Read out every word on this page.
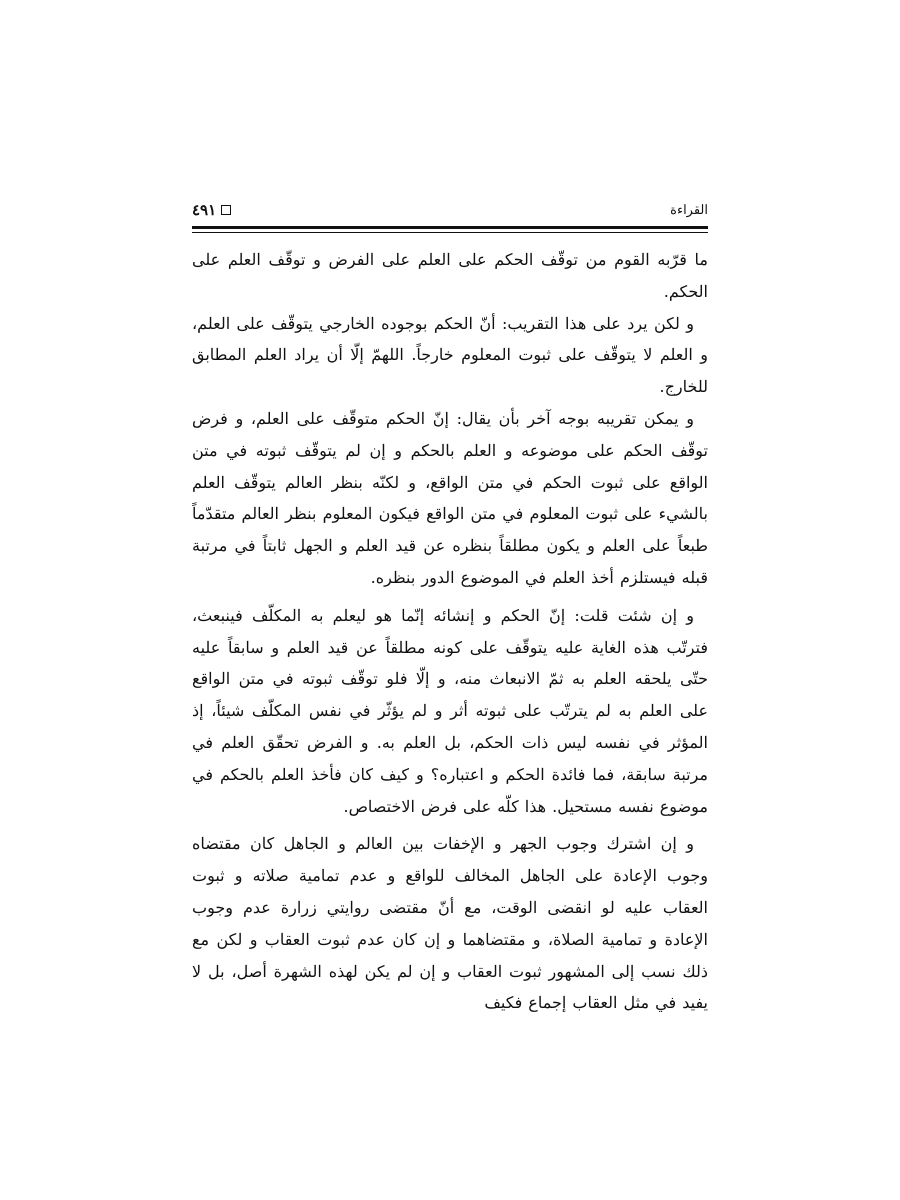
٤٩١	القراءة

ما قرّبه القوم من توقّف الحكم على العلم على الفرض و توقّف العلم على الحكم.

و لكن يرد على هذا التقريب: أنّ الحكم بوجوده الخارجي يتوقّف على العلم، و العلم لا يتوقّف على ثبوت المعلوم خارجاً. اللهمّ إلّا أن يراد العلم المطابق للخارج.

و يمكن تقريبه بوجه آخر بأن يقال: إنّ الحكم متوقّف على العلم، و فرض توقّف الحكم على موضوعه و العلم بالحكم و إن لم يتوقّف ثبوته في متن الواقع على ثبوت الحكم في متن الواقع، و لكنّه بنظر العالم يتوقّف العلم بالشيء على ثبوت المعلوم في متن الواقع فيكون المعلوم بنظر العالم متقدّماً طبعاً على العلم و يكون مطلقاً بنظره عن قيد العلم و الجهل ثابتاً في مرتبة قبله فيستلزم أخذ العلم في الموضوع الدور بنظره.

و إن شئت قلت: إنّ الحكم و إنشائه إنّما هو ليعلم به المكلّف فينبعث، فترتّب هذه الغاية عليه يتوقّف على كونه مطلقاً عن قيد العلم و سابقاً عليه حتّى يلحقه العلم به ثمّ الانبعاث منه، و إلّا فلو توقّف ثبوته في متن الواقع على العلم به لم يترتّب على ثبوته أثر و لم يؤثّر في نفس المكلّف شيئاً، إذ المؤثر في نفسه ليس ذات الحكم، بل العلم به. و الفرض تحقّق العلم في مرتبة سابقة، فما فائدة الحكم و اعتباره؟ و كيف كان فأخذ العلم بالحكم في موضوع نفسه مستحيل. هذا كلّه على فرض الاختصاص.

و إن اشترك وجوب الجهر و الإخفات بين العالم و الجاهل كان مقتضاه وجوب الإعادة على الجاهل المخالف للواقع و عدم تمامية صلاته و ثبوت العقاب عليه لو انقضى الوقت، مع أنّ مقتضى روايتي زرارة عدم وجوب الإعادة و تمامية الصلاة، و مقتضاهما و إن كان عدم ثبوت العقاب و لكن مع ذلك نسب إلى المشهور ثبوت العقاب و إن لم يكن لهذه الشهرة أصل، بل لا يفيد في مثل العقاب إجماع فكيف
